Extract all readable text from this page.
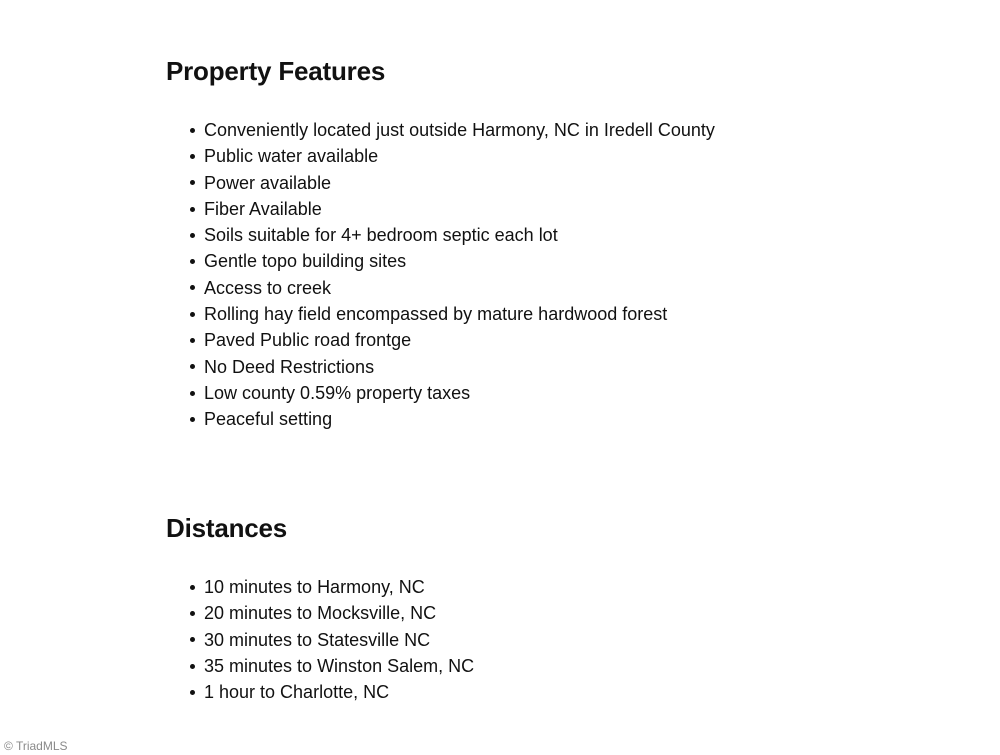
Property Features
Conveniently located just outside Harmony, NC in Iredell County
Public water available
Power available
Fiber Available
Soils suitable for 4+ bedroom septic each lot
Gentle topo building sites
Access to creek
Rolling hay field encompassed by mature hardwood forest
Paved Public road frontge
No Deed Restrictions
Low county 0.59% property taxes
Peaceful setting
Distances
10 minutes to Harmony, NC
20 minutes to Mocksville, NC
30 minutes to Statesville NC
35 minutes to Winston Salem, NC
1 hour to Charlotte, NC
© TriadMLS
